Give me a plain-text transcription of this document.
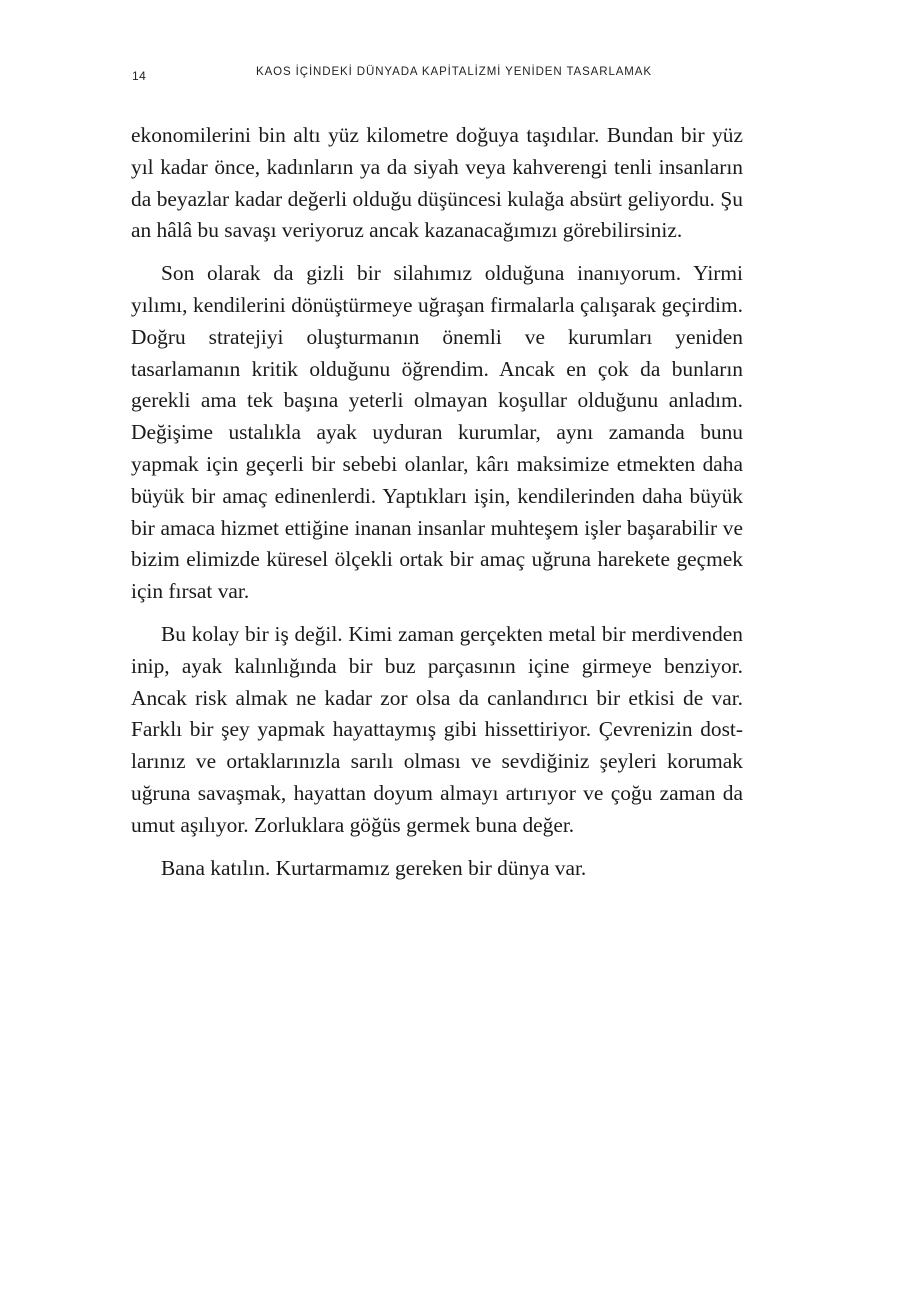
14	KAOS İÇİNDEKİ DÜNYADA KAPİTALİZMİ YENİDEN TASARLAMAK

ekonomilerini bin altı yüz kilometre doğuya taşıdılar. Bundan bir yüz yıl kadar önce, kadınların ya da siyah veya kahverengi tenli insanların da beyazlar kadar değerli olduğu düşüncesi kulağa absürt geliyordu. Şu an hâlâ bu savaşı veriyoruz ancak kazanacağımızı görebilirsiniz.

Son olarak da gizli bir silahımız olduğuna inanıyorum. Yirmi yılımı, kendilerini dönüştürmeye uğraşan firmalarla çalışarak geçirdim. Doğru stratejiyi oluşturmanın önemli ve kurumları yeniden tasarlamanın kritik olduğunu öğrendim. Ancak en çok da bunların gerekli ama tek başına yeterli olmayan koşullar olduğunu anladım. Değişime ustalıkla ayak uyduran kurumlar, aynı zamanda bunu yapmak için geçerli bir sebebi olanlar, kârı maksimize etmekten daha büyük bir amaç edinenlerdi. Yaptıkları işin, kendilerinden daha büyük bir amaca hizmet ettiğine inanan insanlar muhteşem işler başarabilir ve bizim elimizde küresel ölçekli ortak bir amaç uğruna harekete geçmek için fırsat var.

Bu kolay bir iş değil. Kimi zaman gerçekten metal bir merdivenden inip, ayak kalınlığında bir buz parçasının içine girmeye benziyor. Ancak risk almak ne kadar zor olsa da canlandırıcı bir etkisi de var. Farklı bir şey yapmak hayattaymış gibi hissettiriyor. Çevrenizin dostlarınız ve ortaklarınızla sarılı olması ve sevdiğiniz şeyleri korumak uğruna savaşmak, hayattan doyum almayı artırıyor ve çoğu zaman da umut aşılıyor. Zorluklara göğüs germek buna değer.

Bana katılın. Kurtarmamız gereken bir dünya var.
